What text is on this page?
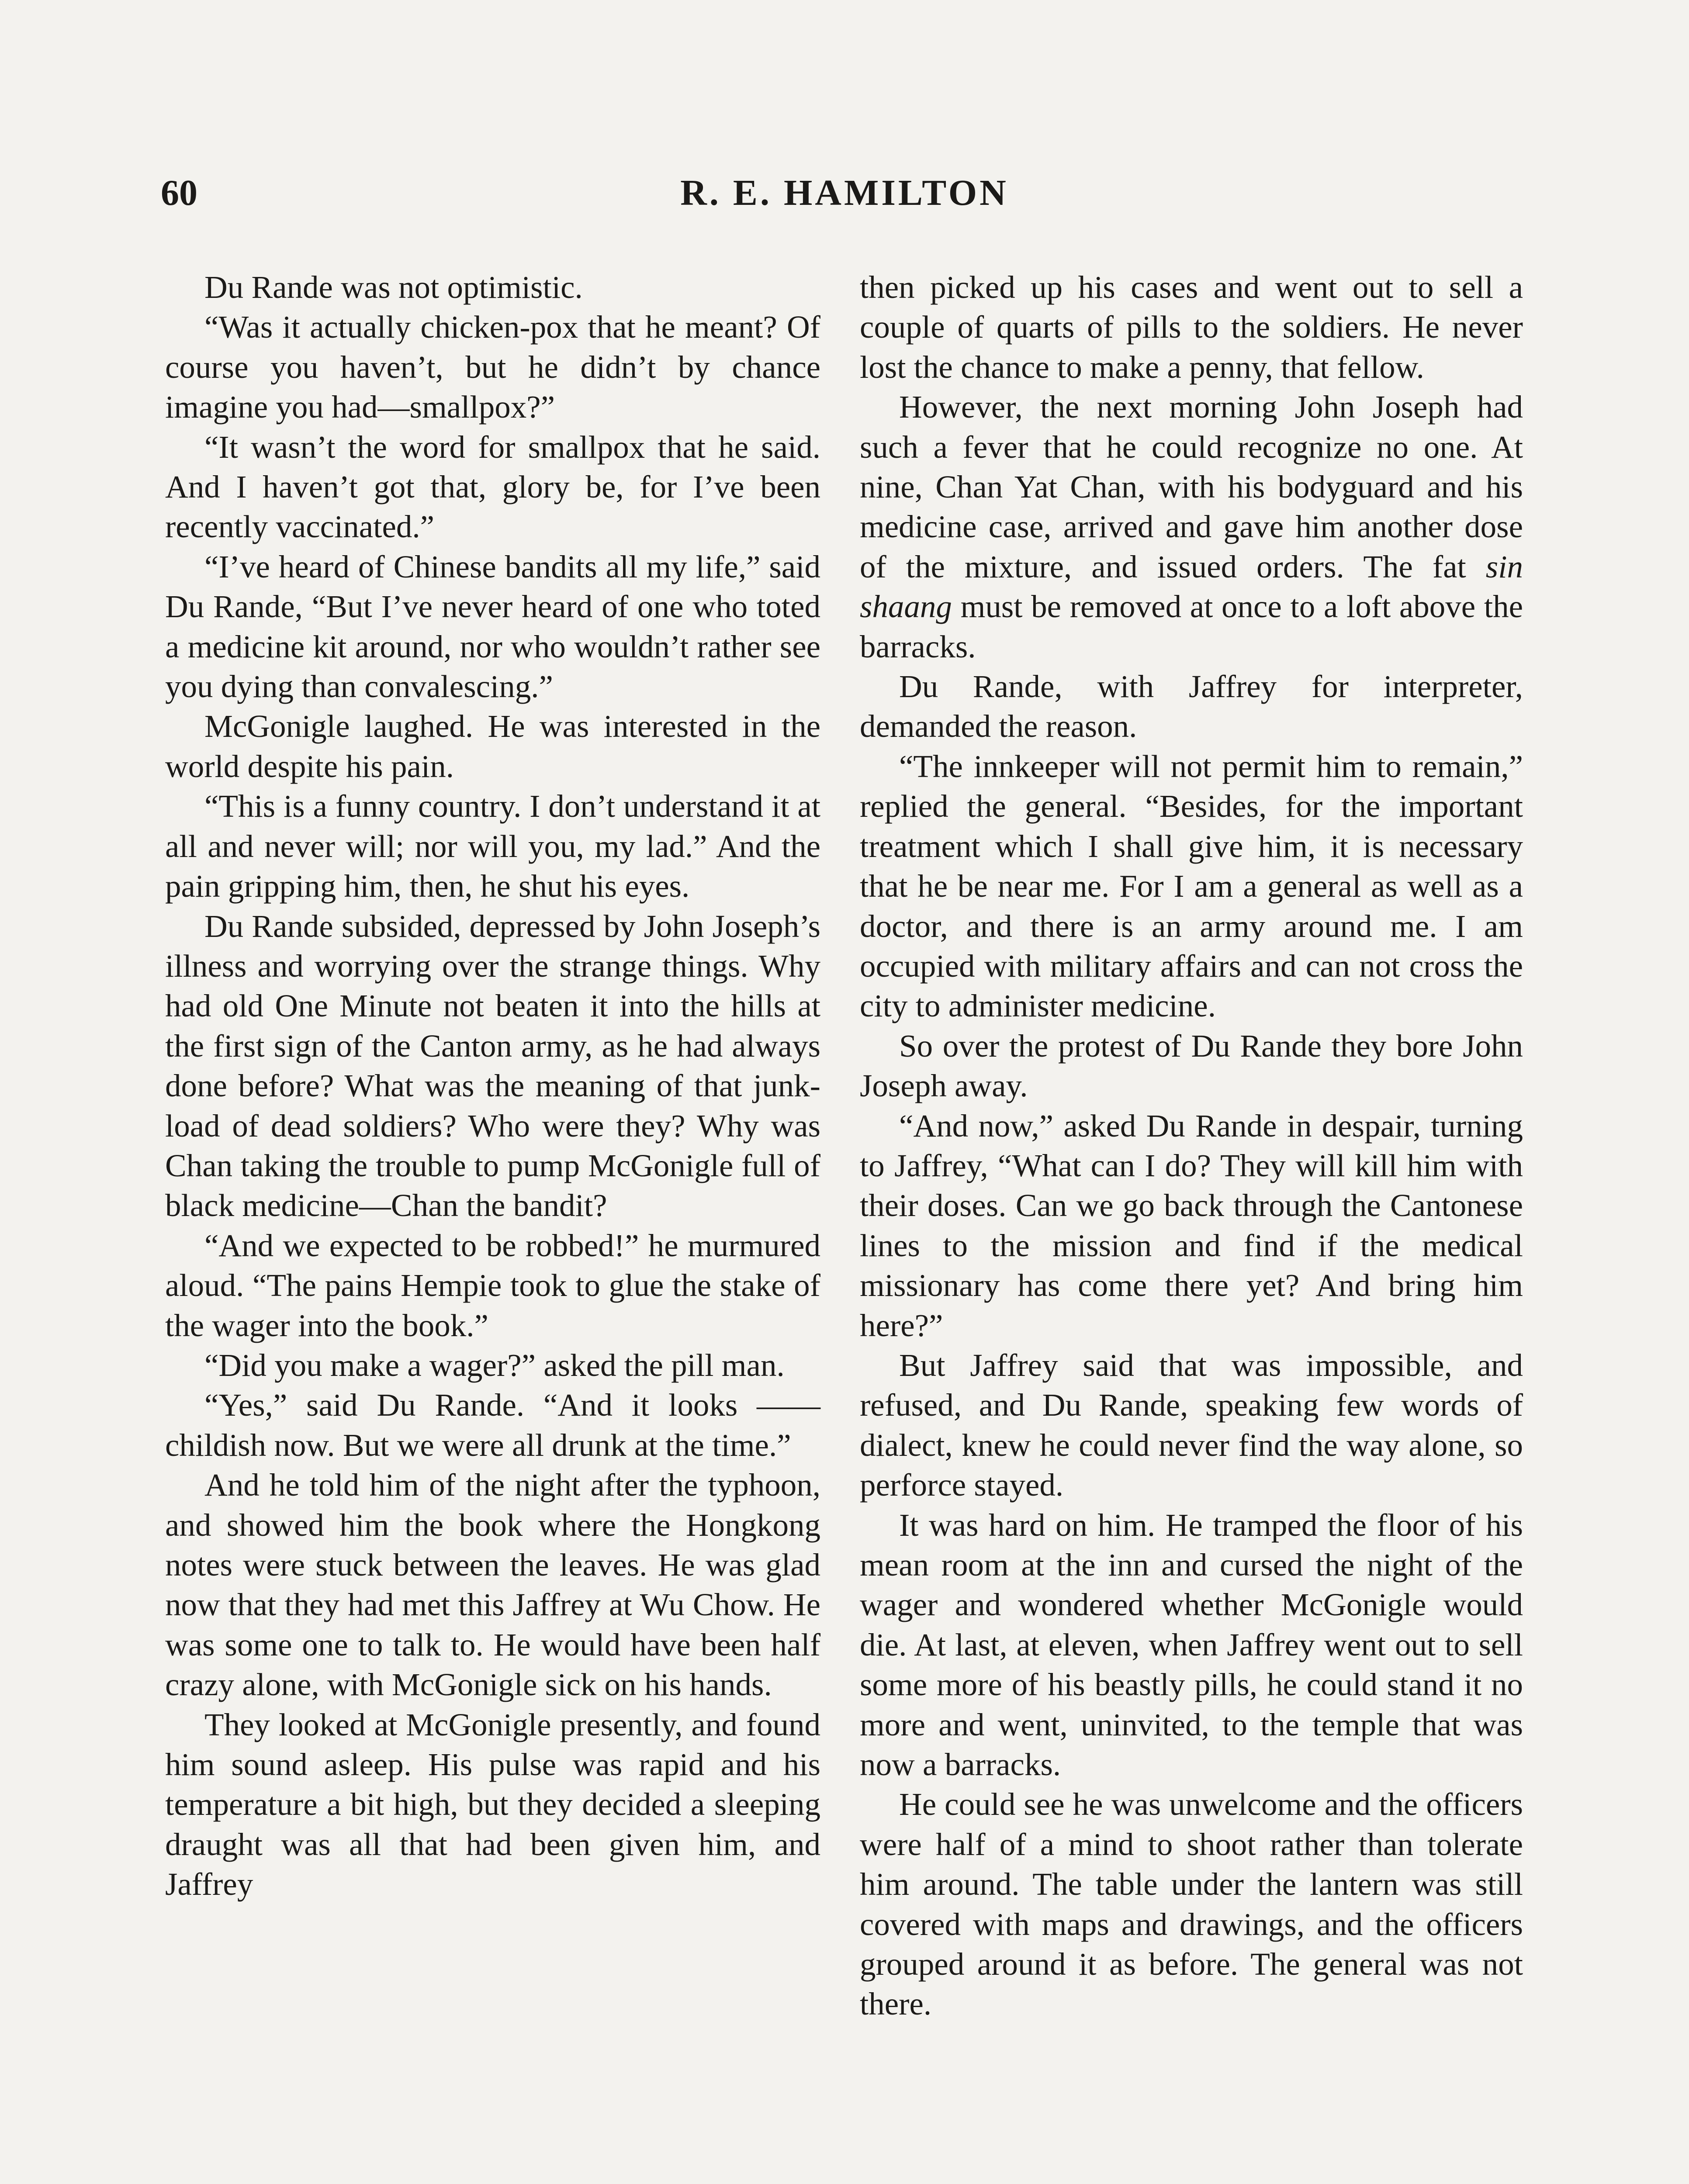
60	R. E. HAMILTON

Du Rande was not optimistic.

“Was it actually chicken-pox that he meant? Of course you haven’t, but he didn’t by chance imagine you had—smallpox?”

“It wasn’t the word for smallpox that he said. And I haven’t got that, glory be, for I’ve been recently vaccinated.”

“I’ve heard of Chinese bandits all my life,” said Du Rande, “But I’ve never heard of one who toted a medicine kit around, nor who wouldn’t rather see you dying than convalescing.”

McGonigle laughed. He was interested in the world despite his pain.

“This is a funny country. I don’t understand it at all and never will; nor will you, my lad.” And the pain gripping him, then, he shut his eyes.

Du Rande subsided, depressed by John Joseph’s illness and worrying over the strange things. Why had old One Minute not beaten it into the hills at the first sign of the Canton army, as he had always done before? What was the meaning of that junk-load of dead soldiers? Who were they? Why was Chan taking the trouble to pump McGonigle full of black medicine—Chan the bandit?

“And we expected to be robbed!” he murmured aloud. “The pains Hempie took to glue the stake of the wager into the book.”

“Did you make a wager?” asked the pill man.

“Yes,” said Du Rande. “And it looks —— childish now. But we were all drunk at the time.”

And he told him of the night after the typhoon, and showed him the book where the Hongkong notes were stuck between the leaves. He was glad now that they had met this Jaffrey at Wu Chow. He was some one to talk to. He would have been half crazy alone, with McGonigle sick on his hands.

They looked at McGonigle presently, and found him sound asleep. His pulse was rapid and his temperature a bit high, but they decided a sleeping draught was all that had been given him, and Jaffrey

then picked up his cases and went out to sell a couple of quarts of pills to the soldiers. He never lost the chance to make a penny, that fellow.

However, the next morning John Joseph had such a fever that he could recognize no one. At nine, Chan Yat Chan, with his bodyguard and his medicine case, arrived and gave him another dose of the mixture, and issued orders. The fat sin shaang must be removed at once to a loft above the barracks.

Du Rande, with Jaffrey for interpreter, demanded the reason.

“The innkeeper will not permit him to remain,” replied the general. “Besides, for the important treatment which I shall give him, it is necessary that he be near me. For I am a general as well as a doctor, and there is an army around me. I am occupied with military affairs and can not cross the city to administer medicine.

So over the protest of Du Rande they bore John Joseph away.

“And now,” asked Du Rande in despair, turning to Jaffrey, “What can I do? They will kill him with their doses. Can we go back through the Cantonese lines to the mission and find if the medical missionary has come there yet? And bring him here?”

But Jaffrey said that was impossible, and refused, and Du Rande, speaking few words of dialect, knew he could never find the way alone, so perforce stayed.

It was hard on him. He tramped the floor of his mean room at the inn and cursed the night of the wager and wondered whether McGonigle would die. At last, at eleven, when Jaffrey went out to sell some more of his beastly pills, he could stand it no more and went, uninvited, to the temple that was now a barracks.

He could see he was unwelcome and the officers were half of a mind to shoot rather than tolerate him around. The table under the lantern was still covered with maps and drawings, and the officers grouped around it as before. The general was not there.
